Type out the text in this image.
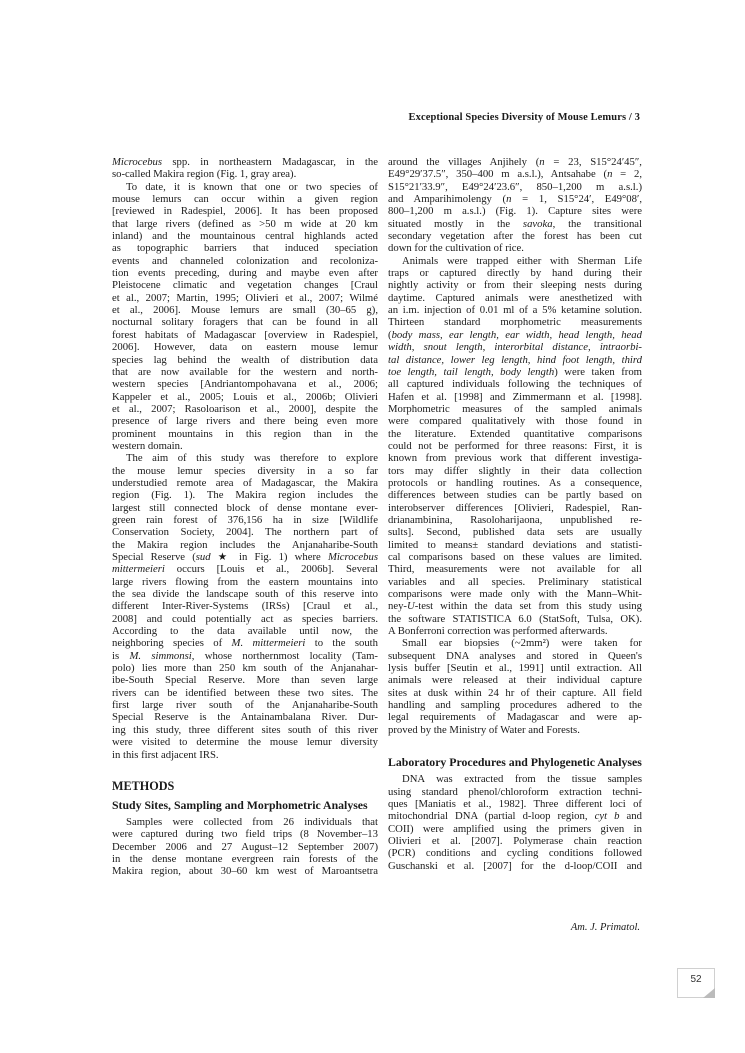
Exceptional Species Diversity of Mouse Lemurs / 3
Microcebus spp. in northeastern Madagascar, in the
so-called Makira region (Fig. 1, gray area).
To date, it is known that one or two species of
mouse lemurs can occur within a given region
[reviewed in Radespiel, 2006]. It has been proposed
that large rivers (defined as >50 m wide at 20 km
inland) and the mountainous central highlands acted
as topographic barriers that induced speciation
events and channeled colonization and recoloniza-
tion events preceding, during and maybe even after
Pleistocene climatic and vegetation changes [Craul
et al., 2007; Martin, 1995; Olivieri et al., 2007; Wilmé
et al., 2006]. Mouse lemurs are small (30–65 g),
nocturnal solitary foragers that can be found in all
forest habitats of Madagascar [overview in Radespiel,
2006]. However, data on eastern mouse lemur
species lag behind the wealth of distribution data
that are now available for the western and north-
western species [Andriantompohavana et al., 2006;
Kappeler et al., 2005; Louis et al., 2006b; Olivieri
et al., 2007; Rasoloarison et al., 2000], despite the
presence of large rivers and there being even more
prominent mountains in this region than in the
western domain.
The aim of this study was therefore to explore
the mouse lemur species diversity in a so far
understudied remote area of Madagascar, the Makira
region (Fig. 1). The Makira region includes the
largest still connected block of dense montane ever-
green rain forest of 376,156 ha in size [Wildlife
Conservation Society, 2004]. The northern part of
the Makira region includes the Anjanaharibe-South
Special Reserve (sud ★ in Fig. 1) where Microcebus
mittermeieri occurs [Louis et al., 2006b]. Several
large rivers flowing from the eastern mountains into
the sea divide the landscape south of this reserve into
different Inter-River-Systems (IRSs) [Craul et al.,
2008] and could potentially act as species barriers.
According to the data available until now, the
neighboring species of M. mittermeieri to the south
is M. simmonsi, whose northernmost locality (Tam-
polo) lies more than 250 km south of the Anjanahar-
ibe-South Special Reserve. More than seven large
rivers can be identified between these two sites. The
first large river south of the Anjanaharibe-South
Special Reserve is the Antainambalana River. Dur-
ing this study, three different sites south of this river
were visited to determine the mouse lemur diversity
in this first adjacent IRS.
METHODS
Study Sites, Sampling and Morphometric Analyses
Samples were collected from 26 individuals that
were captured during two field trips (8 November–13
December 2006 and 27 August–12 September 2007)
in the dense montane evergreen rain forests of the
Makira region, about 30–60 km west of Maroantsetra
around the villages Anjihely (n = 23, S15°24′45″,
E49°29′37.5″, 350–400 m a.s.l.), Antsahabe (n = 2,
S15°21′33.9″, E49°24′23.6″, 850–1,200 m a.s.l.)
and Amparihimolengy (n = 1, S15°24′, E49°08′,
800–1,200 m a.s.l.) (Fig. 1). Capture sites were
situated mostly in the savoka, the transitional
secondary vegetation after the forest has been cut
down for the cultivation of rice.
Animals were trapped either with Sherman Life
traps or captured directly by hand during their
nightly activity or from their sleeping nests during
daytime. Captured animals were anesthetized with
an i.m. injection of 0.01 ml of a 5% ketamine solution.
Thirteen standard morphometric measurements
(body mass, ear length, ear width, head length, head
width, snout length, interorbital distance, intraorbi-
tal distance, lower leg length, hind foot length, third
toe length, tail length, body length) were taken from
all captured individuals following the techniques of
Hafen et al. [1998] and Zimmermann et al. [1998].
Morphometric measures of the sampled animals
were compared qualitatively with those found in
the literature. Extended quantitative comparisons
could not be performed for three reasons: First, it is
known from previous work that different investiga-
tors may differ slightly in their data collection
protocols or handling routines. As a consequence,
differences between studies can be partly based on
interobserver differences [Olivieri, Radespiel, Ran-
drianambinina, Rasoloharijaona, unpublished re-
sults]. Second, published data sets are usually
limited to means± standard deviations and statisti-
cal comparisons based on these values are limited.
Third, measurements were not available for all
variables and all species. Preliminary statistical
comparisons were made only with the Mann–Whit-
ney-U-test within the data set from this study using
the software STATISTICA 6.0 (StatSoft, Tulsa, OK).
A Bonferroni correction was performed afterwards.
Small ear biopsies (~2mm²) were taken for
subsequent DNA analyses and stored in Queen's
lysis buffer [Seutin et al., 1991] until extraction. All
animals were released at their individual capture
sites at dusk within 24 hr of their capture. All field
handling and sampling procedures adhered to the
legal requirements of Madagascar and were ap-
proved by the Ministry of Water and Forests.
Laboratory Procedures and Phylogenetic Analyses
DNA was extracted from the tissue samples
using standard phenol/chloroform extraction techni-
ques [Maniatis et al., 1982]. Three different loci of
mitochondrial DNA (partial d-loop region, cyt b and
COII) were amplified using the primers given in
Olivieri et al. [2007]. Polymerase chain reaction
(PCR) conditions and cycling conditions followed
Guschanski et al. [2007] for the d-loop/COII and
Am. J. Primatol.
52
